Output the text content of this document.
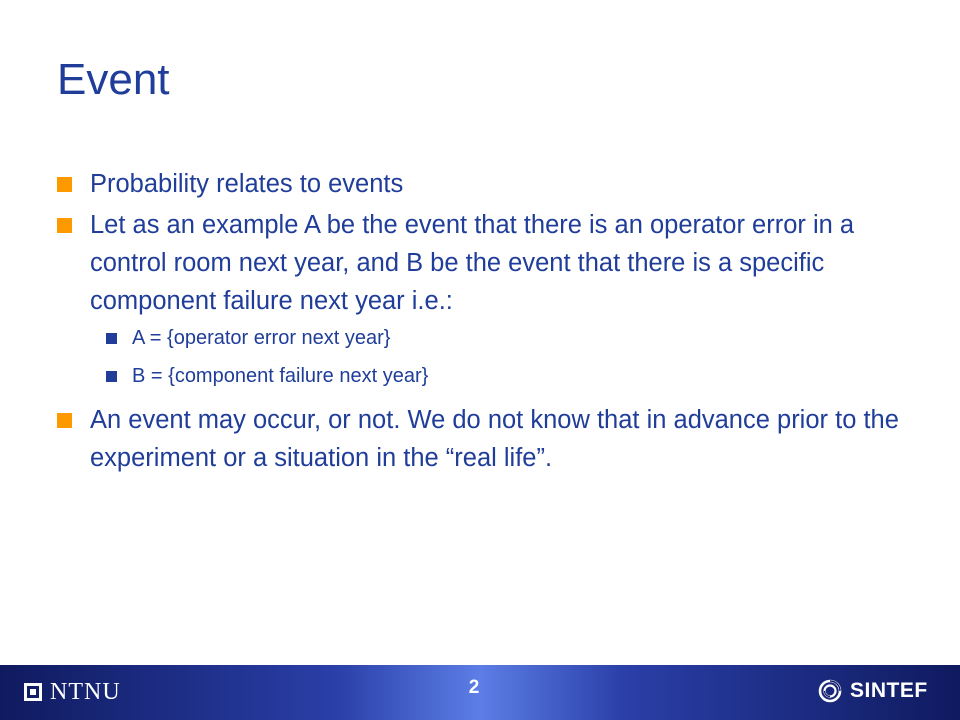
Event
Probability relates to events
Let as an example A be the event that there is an operator error in a control room next year, and B be the event that there is a specific component failure next year i.e.:
A = {operator error next year}
B = {component failure next year}
An event may occur, or not. We do not know that in advance prior to the experiment or a situation in the “real life”.
NTNU	SINTEF
2
